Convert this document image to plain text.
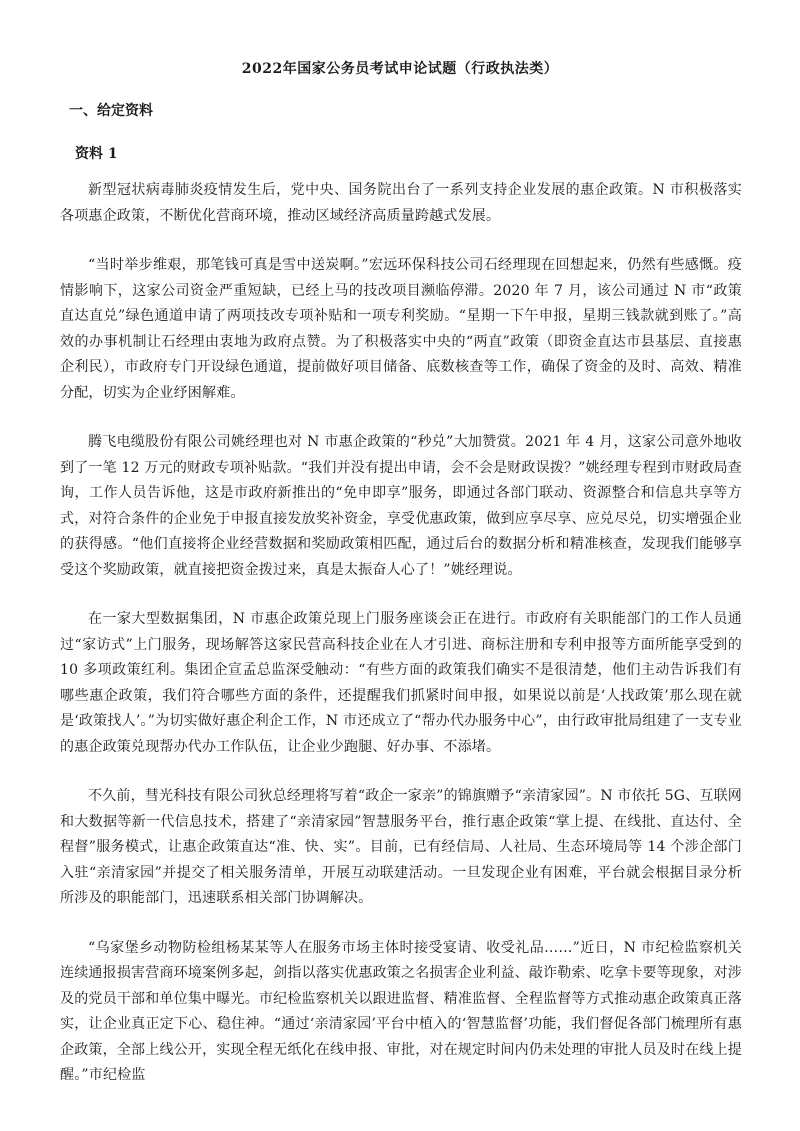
2022年国家公务员考试申论试题（行政执法类）
一、给定资料
资料 1

新型冠状病毒肺炎疫情发生后，党中央、国务院出台了一系列支持企业发展的惠企政策。N 市积极落实各项惠企政策，不断优化营商环境，推动区域经济高质量跨越式发展。

“当时举步维艰，那笔钱可真是雪中送炭啊。”宏远环保科技公司石经理现在回想起来，仍然有些感慨。疫情影响下，这家公司资金严重短缺，已经上马的技改项目濒临停滞。2020 年 7 月，该公司通过 N 市“政策直达直兑”绿色通道申请了两项技改专项补贴和一项专利奖励。“星期一下午申报，星期三钱款就到账了。”高效的办事机制让石经理由衷地为政府点赞。为了积极落实中央的“两直”政策（即资金直达市县基层、直接惠企利民），市政府专门开设绿色通道，提前做好项目储备、底数核查等工作，确保了资金的及时、高效、精准分配，切实为企业纾困解难。

腾飞电缆股份有限公司姚经理也对 N 市惠企政策的“秒兑”大加赞赏。2021 年 4 月，这家公司意外地收到了一笔 12 万元的财政专项补贴款。“我们并没有提出申请，会不会是财政误拨？”姚经理专程到市财政局查询，工作人员告诉他，这是市政府新推出的“免申即享”服务，即通过各部门联动、资源整合和信息共享等方式，对符合条件的企业免于申报直接发放奖补资金，享受优惠政策，做到应享尽享、应兑尽兑，切实增强企业的获得感。“他们直接将企业经营数据和奖励政策相匹配，通过后台的数据分析和精准核查，发现我们能够享受这个奖励政策，就直接把资金拨过来，真是太振奋人心了！”姚经理说。

在一家大型数据集团，N 市惠企政策兑现上门服务座谈会正在进行。市政府有关职能部门的工作人员通过“家访式”上门服务，现场解答这家民营高科技企业在人才引进、商标注册和专利申报等方面所能享受到的 10 多项政策红利。集团企宣孟总监深受触动：“有些方面的政策我们确实不是很清楚，他们主动告诉我们有哪些惠企政策，我们符合哪些方面的条件，还提醒我们抓紧时间申报，如果说以前是‘人找政策’那么现在就是‘政策找人’。”为切实做好惠企利企工作，N 市还成立了“帮办代办服务中心”，由行政审批局组建了一支专业的惠企政策兑现帮办代办工作队伍，让企业少跑腿、好办事、不添堵。

不久前，彗光科技有限公司狄总经理将写着“政企一家亲”的锦旗赠予“亲清家园”。N 市依托 5G、互联网和大数据等新一代信息技术，搭建了“亲清家园”智慧服务平台，推行惠企政策“掌上提、在线批、直达付、全程督”服务模式，让惠企政策直达“准、快、实”。目前，已有经信局、人社局、生态环境局等 14 个涉企部门入驻“亲清家园”并提交了相关服务清单，开展互动联建活动。一旦发现企业有困难，平台就会根据目录分析所涉及的职能部门，迅速联系相关部门协调解决。

“乌家堡乡动物防检组杨某某等人在服务市场主体时接受宴请、收受礼品……”近日，N 市纪检监察机关连续通报损害营商环境案例多起，剑指以落实优惠政策之名损害企业利益、敲诈勒索、吃拿卡要等现象，对涉及的党员干部和单位集中曝光。市纪检监察机关以跟进监督、精准监督、全程监督等方式推动惠企政策真正落实，让企业真正定下心、稳住神。“通过‘亲清家园’平台中植入的‘智慧监督’功能，我们督促各部门梳理所有惠企政策，全部上线公开，实现全程无纸化在线申报、审批，对在规定时间内仍未处理的审批人员及时在线上提醒。”市纪检监
